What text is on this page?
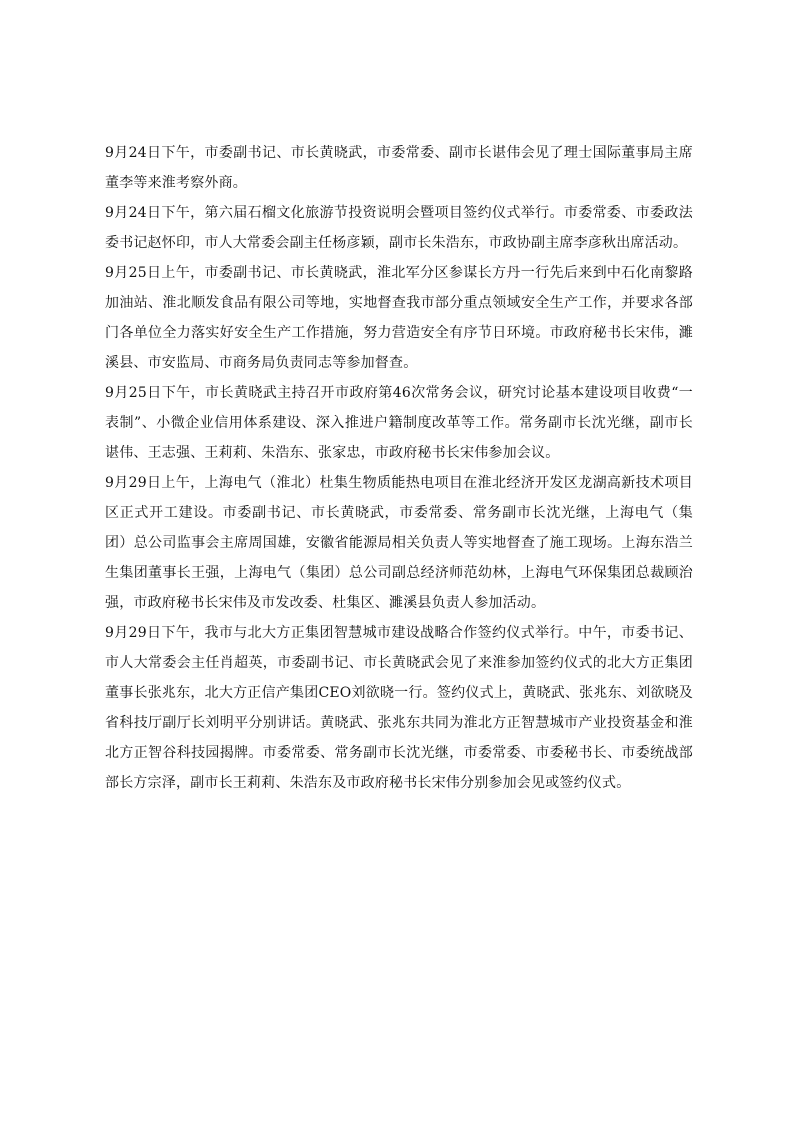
9月24日下午，市委副书记、市长黄晓武，市委常委、副市长谌伟会见了理士国际董事局主席董李等来淮考察外商。

9月24日下午，第六届石榴文化旅游节投资说明会暨项目签约仪式举行。市委常委、市委政法委书记赵怀印，市人大常委会副主任杨彦颖，副市长朱浩东，市政协副主席李彦秋出席活动。

9月25日上午，市委副书记、市长黄晓武，淮北军分区参谋长方丹一行先后来到中石化南黎路加油站、淮北顺发食品有限公司等地，实地督查我市部分重点领域安全生产工作，并要求各部门各单位全力落实好安全生产工作措施，努力营造安全有序节日环境。市政府秘书长宋伟，濉溪县、市安监局、市商务局负责同志等参加督查。

9月25日下午，市长黄晓武主持召开市政府第46次常务会议，研究讨论基本建设项目收费“一表制”、小微企业信用体系建设、深入推进户籍制度改革等工作。常务副市长沈光继，副市长谌伟、王志强、王莉莉、朱浩东、张家忠，市政府秘书长宋伟参加会议。

9月29日上午，上海电气（淮北）杜集生物质能热电项目在淮北经济开发区龙湖高新技术项目区正式开工建设。市委副书记、市长黄晓武，市委常委、常务副市长沈光继，上海电气（集团）总公司监事会主席周国雄，安徽省能源局相关负责人等实地督查了施工现场。上海东浩兰生集团董事长王强，上海电气（集团）总公司副总经济师范幼林，上海电气环保集团总裁顾治强，市政府秘书长宋伟及市发改委、杜集区、濉溪县负责人参加活动。

9月29日下午，我市与北大方正集团智慧城市建设战略合作签约仪式举行。中午，市委书记、市人大常委会主任肖超英，市委副书记、市长黄晓武会见了来淮参加签约仪式的北大方正集团董事长张兆东，北大方正信产集团CEO刘欲晓一行。签约仪式上，黄晓武、张兆东、刘欲晓及省科技厅副厅长刘明平分别讲话。黄晓武、张兆东共同为淮北方正智慧城市产业投资基金和淮北方正智谷科技园揭牌。市委常委、常务副市长沈光继，市委常委、市委秘书长、市委统战部部长方宗泽，副市长王莉莉、朱浩东及市政府秘书长宋伟分别参加会见或签约仪式。
